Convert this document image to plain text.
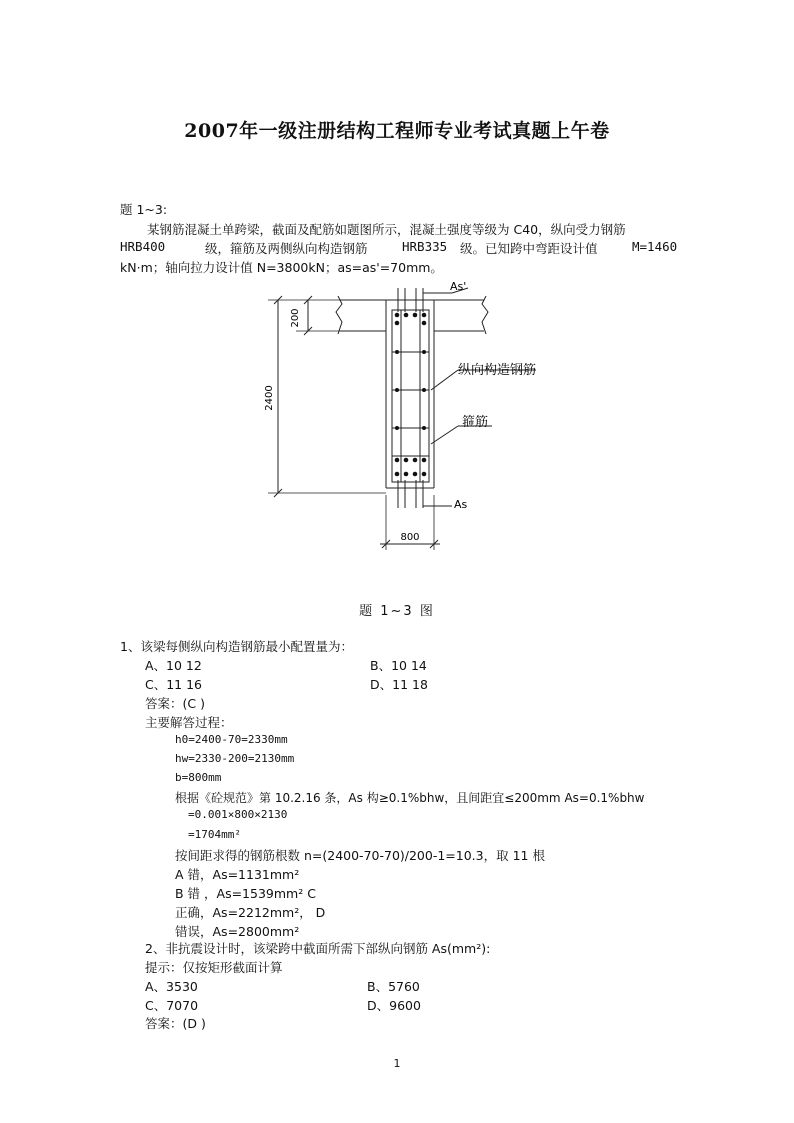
2007年一级注册结构工程师专业考试真题上午卷
题 1~3:
某钢筋混凝土单跨梁，截面及配筋如题图所示，混凝土强度等级为 C40，纵向受力钢筋
HRB400	级，箍筋及两侧纵向构造钢筋	HRB335 级。已知跨中弯距设计值	M=1460
kN·m；轴向拉力设计值 N=3800kN；as=as'=70mm。
200
2400
800
As'
As
纵向构造钢筋
箍筋
题 1~3 图
1、该梁每侧纵向构造钢筋最小配置量为：
A、10 12	B、10 14
C、11 16	D、11 18
答案：(C )
主要解答过程：
h0=2400-70=2330mm
hw=2330-200=2130mm
b=800mm
根据《砼规范》第 10.2.16 条，As 构≥0.1%bhw，且间距宜≤200mm As=0.1%bhw
=0.001×800×2130
=1704mm²
按间距求得的钢筋根数 n=(2400-70-70)/200-1=10.3，取 11 根
A 错，As=1131mm²
B 错 ，As=1539mm² C
正确，As=2212mm²， D
错误，As=2800mm²
2、非抗震设计时，该梁跨中截面所需下部纵向钢筋 As(mm²):
提示：仅按矩形截面计算
A、3530	B、5760
C、7070	D、9600
答案：(D )
1
